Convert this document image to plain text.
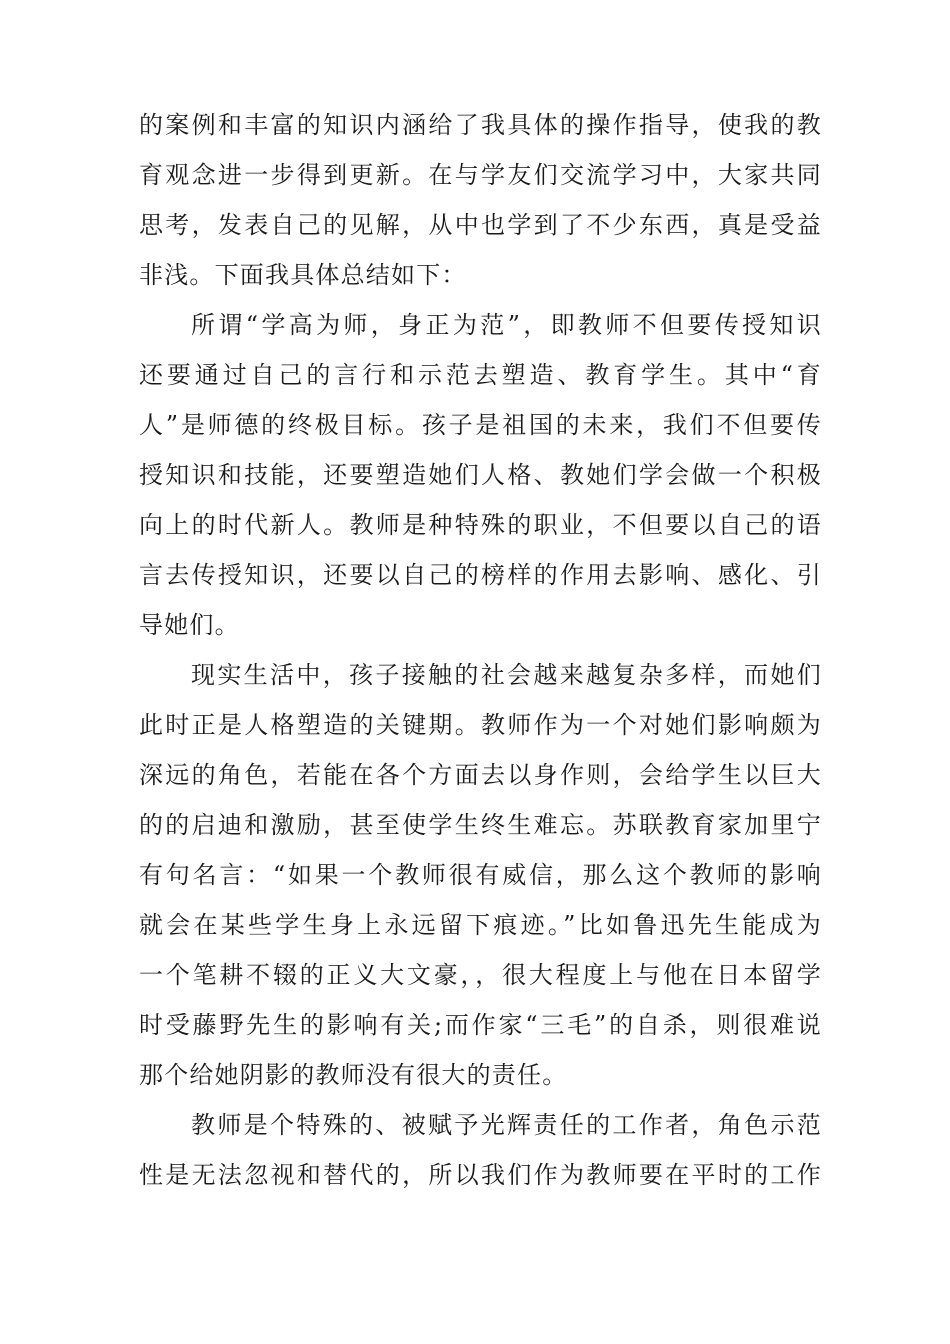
的案例和丰富的知识内涵给了我具体的操作指导，使我的教
育观念进一步得到更新。在与学友们交流学习中，大家共同
思考，发表自己的见解，从中也学到了不少东西，真是受益
非浅。下面我具体总结如下：
所谓“学高为师，身正为范”，即教师不但要传授知识
还要通过自己的言行和示范去塑造、教育学生。其中“育
人”是师德的终极目标。孩子是祖国的未来，我们不但要传
授知识和技能，还要塑造她们人格、教她们学会做一个积极
向上的时代新人。教师是种特殊的职业，不但要以自己的语
言去传授知识，还要以自己的榜样的作用去影响、感化、引
导她们。
现实生活中，孩子接触的社会越来越复杂多样，而她们
此时正是人格塑造的关键期。教师作为一个对她们影响颇为
深远的角色，若能在各个方面去以身作则，会给学生以巨大
的的启迪和激励，甚至使学生终生难忘。苏联教育家加里宁
有句名言：“如果一个教师很有威信，那么这个教师的影响
就会在某些学生身上永远留下痕迹。”比如鲁迅先生能成为
一个笔耕不辍的正义大文豪，，很大程度上与他在日本留学
时受藤野先生的影响有关;而作家“三毛”的自杀，则很难说
那个给她阴影的教师没有很大的责任。
教师是个特殊的、被赋予光辉责任的工作者，角色示范
性是无法忽视和替代的，所以我们作为教师要在平时的工作
